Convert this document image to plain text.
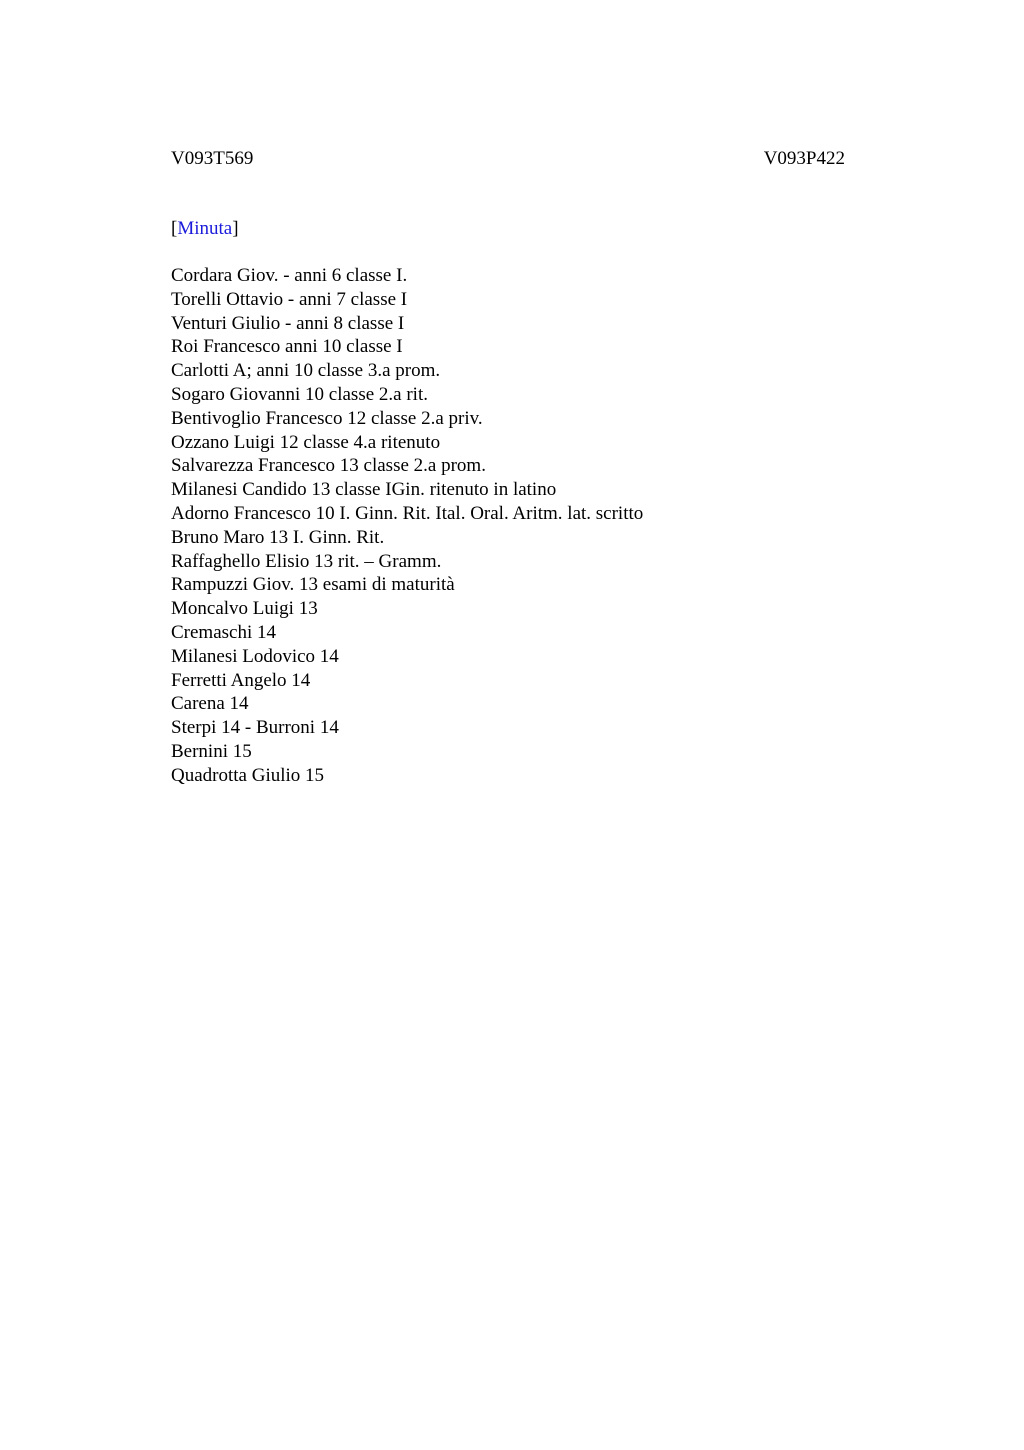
V093T569	V093P422
[Minuta]
Cordara Giov. - anni 6 classe I.
Torelli Ottavio - anni 7 classe I
Venturi Giulio - anni 8 classe I
Roi Francesco anni 10 classe I
Carlotti A; anni 10 classe 3.a prom.
Sogaro Giovanni 10 classe 2.a rit.
Bentivoglio Francesco 12 classe 2.a priv.
Ozzano Luigi 12 classe 4.a ritenuto
Salvarezza Francesco 13 classe 2.a prom.
Milanesi Candido 13 classe IGin. ritenuto in latino
Adorno Francesco 10 I. Ginn. Rit. Ital. Oral. Aritm. lat. scritto
Bruno Maro 13 I. Ginn. Rit.
Raffaghello Elisio 13 rit. – Gramm.
Rampuzzi Giov. 13 esami di maturità
Moncalvo Luigi 13
Cremaschi 14
Milanesi Lodovico 14
Ferretti Angelo 14
Carena 14
Sterpi 14 - Burroni 14
Bernini 15
Quadrotta Giulio 15
